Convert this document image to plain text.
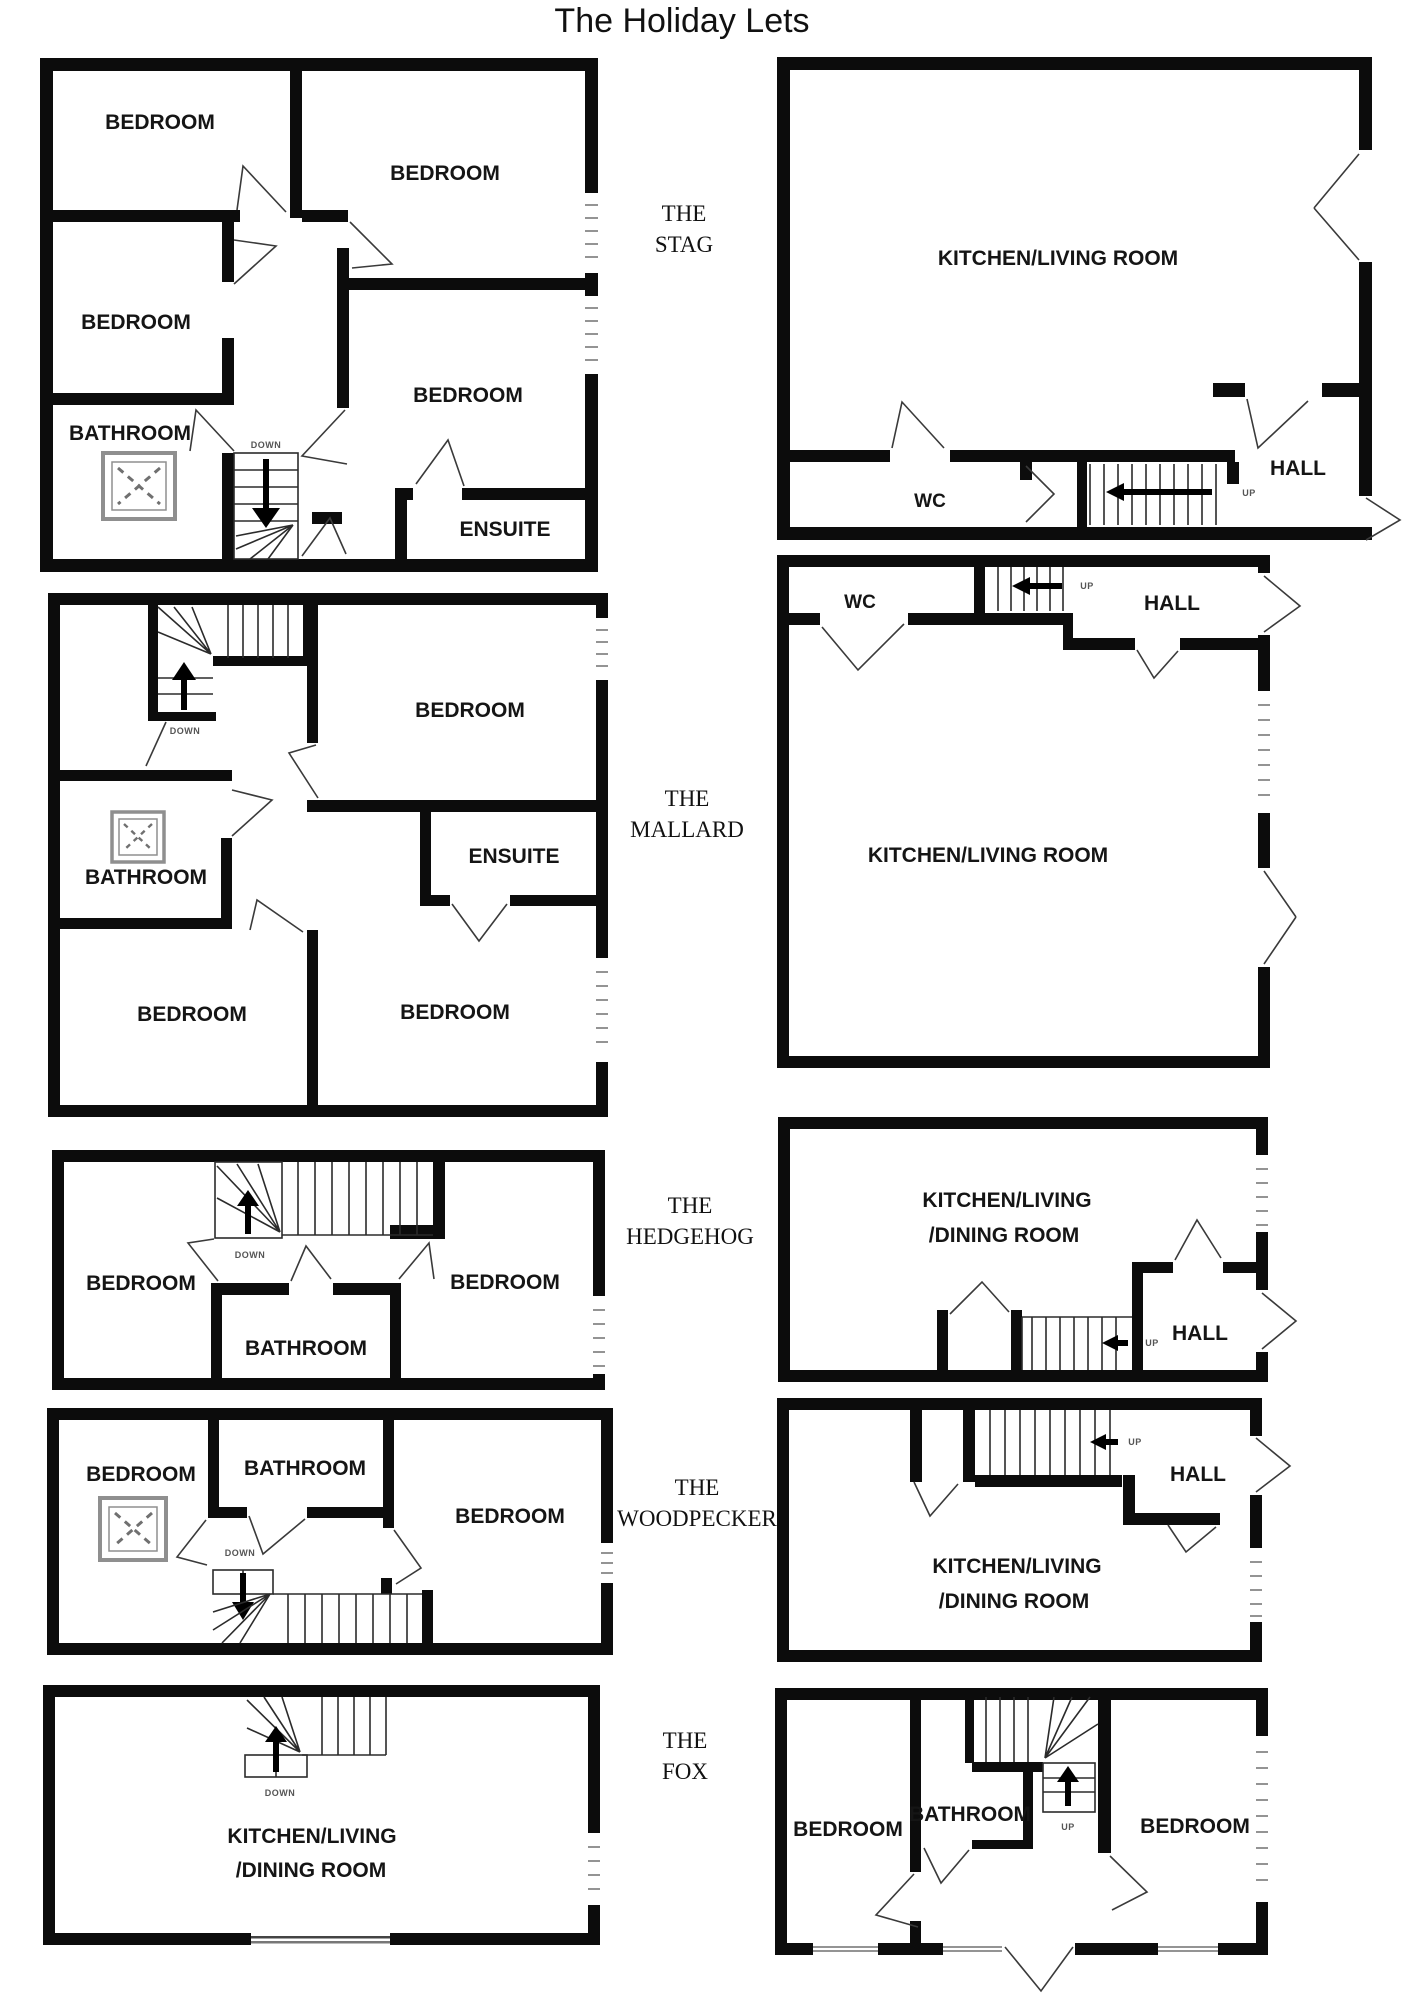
The Holiday Lets
THE
STAG
THE
MALLARD
THE
HEDGEHOG
THE
WOODPECKER
THE
FOX
BEDROOM
BEDROOM
BEDROOM
BEDROOM
BATHROOM
ENSUITE
DOWN
KITCHEN/LIVING ROOM
WC
HALL
UP
BEDROOM
ENSUITE
BATHROOM
BEDROOM	BEDROOM
DOWN
WC	HALL
KITCHEN/LIVING ROOM
UP
BEDROOM	BEDROOM
BATHROOM
DOWN
KITCHEN/LIVING
/DINING ROOM
HALL
UP
BEDROOM BATHROOM
BEDROOM
DOWN
HALL
KITCHEN/LIVING
/DINING ROOM
UP
KITCHEN/LIVING
/DINING ROOM
DOWN
BEDROOM
BATHROOM
BEDROOM
UP
